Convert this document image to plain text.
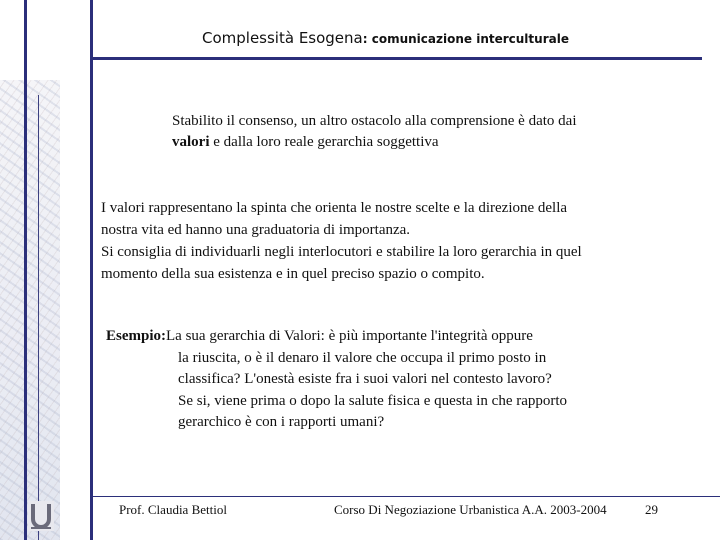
Complessità Esogena: comunicazione interculturale
Stabilito il consenso, un altro ostacolo alla comprensione è dato dai
valori e dalla loro reale gerarchia soggettiva
I valori rappresentano la spinta che orienta le nostre scelte e la direzione della
nostra vita ed hanno una graduatoria di importanza.
Si consiglia di individuarli negli interlocutori e stabilire la loro gerarchia in quel
momento della sua esistenza e in quel preciso spazio o compito.
Esempio:La sua gerarchia di Valori: è più importante l'integrità oppure
la riuscita, o è il denaro il valore che occupa il primo posto in
classifica? L'onestà esiste fra i suoi valori nel contesto lavoro?
Se si, viene prima o dopo la salute fisica e questa in che rapporto
gerarchico è con i rapporti umani?
Prof. Claudia Bettiol	Corso Di Negoziazione Urbanistica A.A. 2003-2004	29
